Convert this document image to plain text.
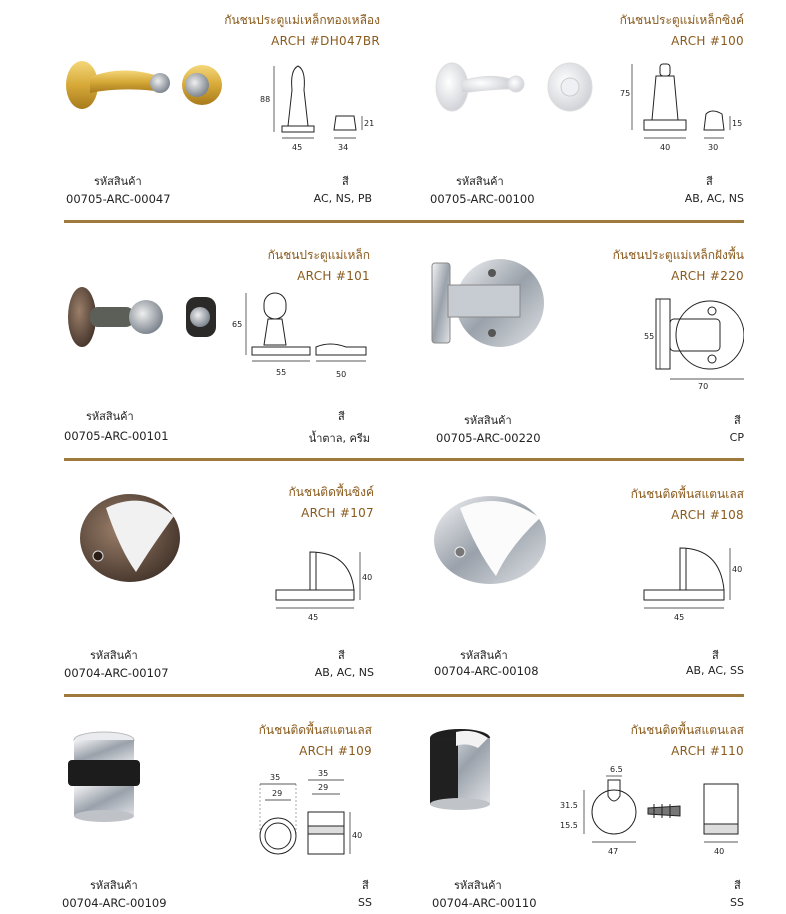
กันชนประตูแม่เหล็กทองเหลือง
ARCH #DH047BR
88
45	34
21
รหัสสินค้า
00705-ARC-00047
สี
AC, NS, PB
กันชนประตูแม่เหล็กซิงค์
ARCH #100
75
40	30
15
รหัสสินค้า
00705-ARC-00100
สี
AB, AC, NS
กันชนประตูแม่เหล็ก
ARCH #101
65
55	50
รหัสสินค้า
00705-ARC-00101
สี
น้ำตาล, ครีม
กันชนประตูแม่เหล็กฝังพื้น
ARCH #220
55
70
รหัสสินค้า
00705-ARC-00220
สี
CP
กันชนติดพื้นซิงค์
ARCH #107
40
45
รหัสสินค้า
00704-ARC-00107
สี
AB, AC, NS
กันชนติดพื้นสแตนเลส
ARCH #108
40
45
รหัสสินค้า
00704-ARC-00108
สี
AB, AC, SS
กันชนติดพื้นสแตนเลส
ARCH #109
35
29
35
29
40
รหัสสินค้า
00704-ARC-00109
สี
SS
กันชนติดพื้นสแตนเลส
ARCH #110
6.5
31.5
15.5
47	40
รหัสสินค้า
00704-ARC-00110
สี
SS
